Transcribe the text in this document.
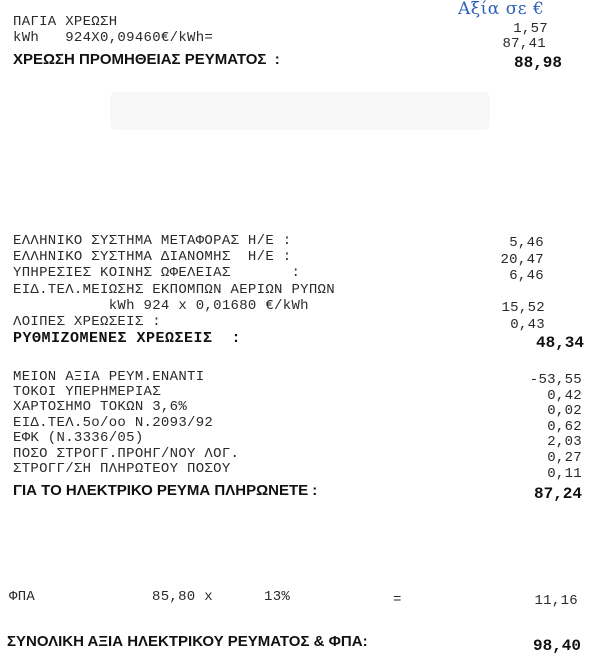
Αξία σε €
ΠΑΓΙΑ ΧΡΕΩΣΗ	1,57
kWh   924X0,09460€/kWh=	87,41
ΧΡΕΩΣΗ ΠΡΟΜΗΘΕΙΑΣ ΡΕΥΜΑΤΟΣ  :	88,98
ΕΛΛΗΝΙΚΟ ΣΥΣΤΗΜΑ ΜΕΤΑΦΟΡΑΣ Η/Ε :	5,46
ΕΛΛΗΝΙΚΟ ΣΥΣΤΗΜΑ ΔΙΑΝΟΜΗΣ  Η/Ε :	20,47
ΥΠΗΡΕΣΙΕΣ ΚΟΙΝΗΣ ΩΦΕΛΕΙΑΣ       :	6,46
ΕΙΔ.ΤΕΛ.ΜΕΙΩΣΗΣ ΕΚΠΟΜΠΩΝ ΑΕΡΙΩΝ ΡΥΠΩΝ
kWh 924 x 0,01680 €/kWh	15,52
ΛΟΙΠΕΣ ΧΡΕΩΣΕΙΣ :	0,43
ΡΥΘΜΙΖΟΜΕΝΕΣ ΧΡΕΩΣΕΙΣ  :	48,34
ΜΕΙΟΝ ΑΞΙΑ ΡΕΥΜ.ΕΝΑΝΤΙ	-53,55
ΤΟΚΟΙ ΥΠΕΡΗΜΕΡΙΑΣ	0,42
ΧΑΡΤΟΣΗΜΟ ΤΟΚΩΝ 3,6%	0,02
ΕΙΔ.ΤΕΛ.5ο/οο Ν.2093/92	0,62
ΕΦΚ (Ν.3336/05)	2,03
ΠΟΣΟ ΣΤΡΟΓΓ.ΠΡΟΗΓ/ΝΟΥ ΛΟΓ.	0,27
ΣΤΡΟΓΓ/ΣΗ ΠΛΗΡΩΤΕΟΥ ΠΟΣΟΥ	0,11
ΓΙΑ ΤΟ ΗΛΕΚΤΡΙΚΟ ΡΕΥΜΑ ΠΛΗΡΩΝΕΤΕ :	87,24
ΦΠΑ	85,80 x	13%	=	11,16
ΣΥΝΟΛΙΚΗ ΑΞΙΑ ΗΛΕΚΤΡΙΚΟΥ ΡΕΥΜΑΤΟΣ & ΦΠΑ:	98,40
